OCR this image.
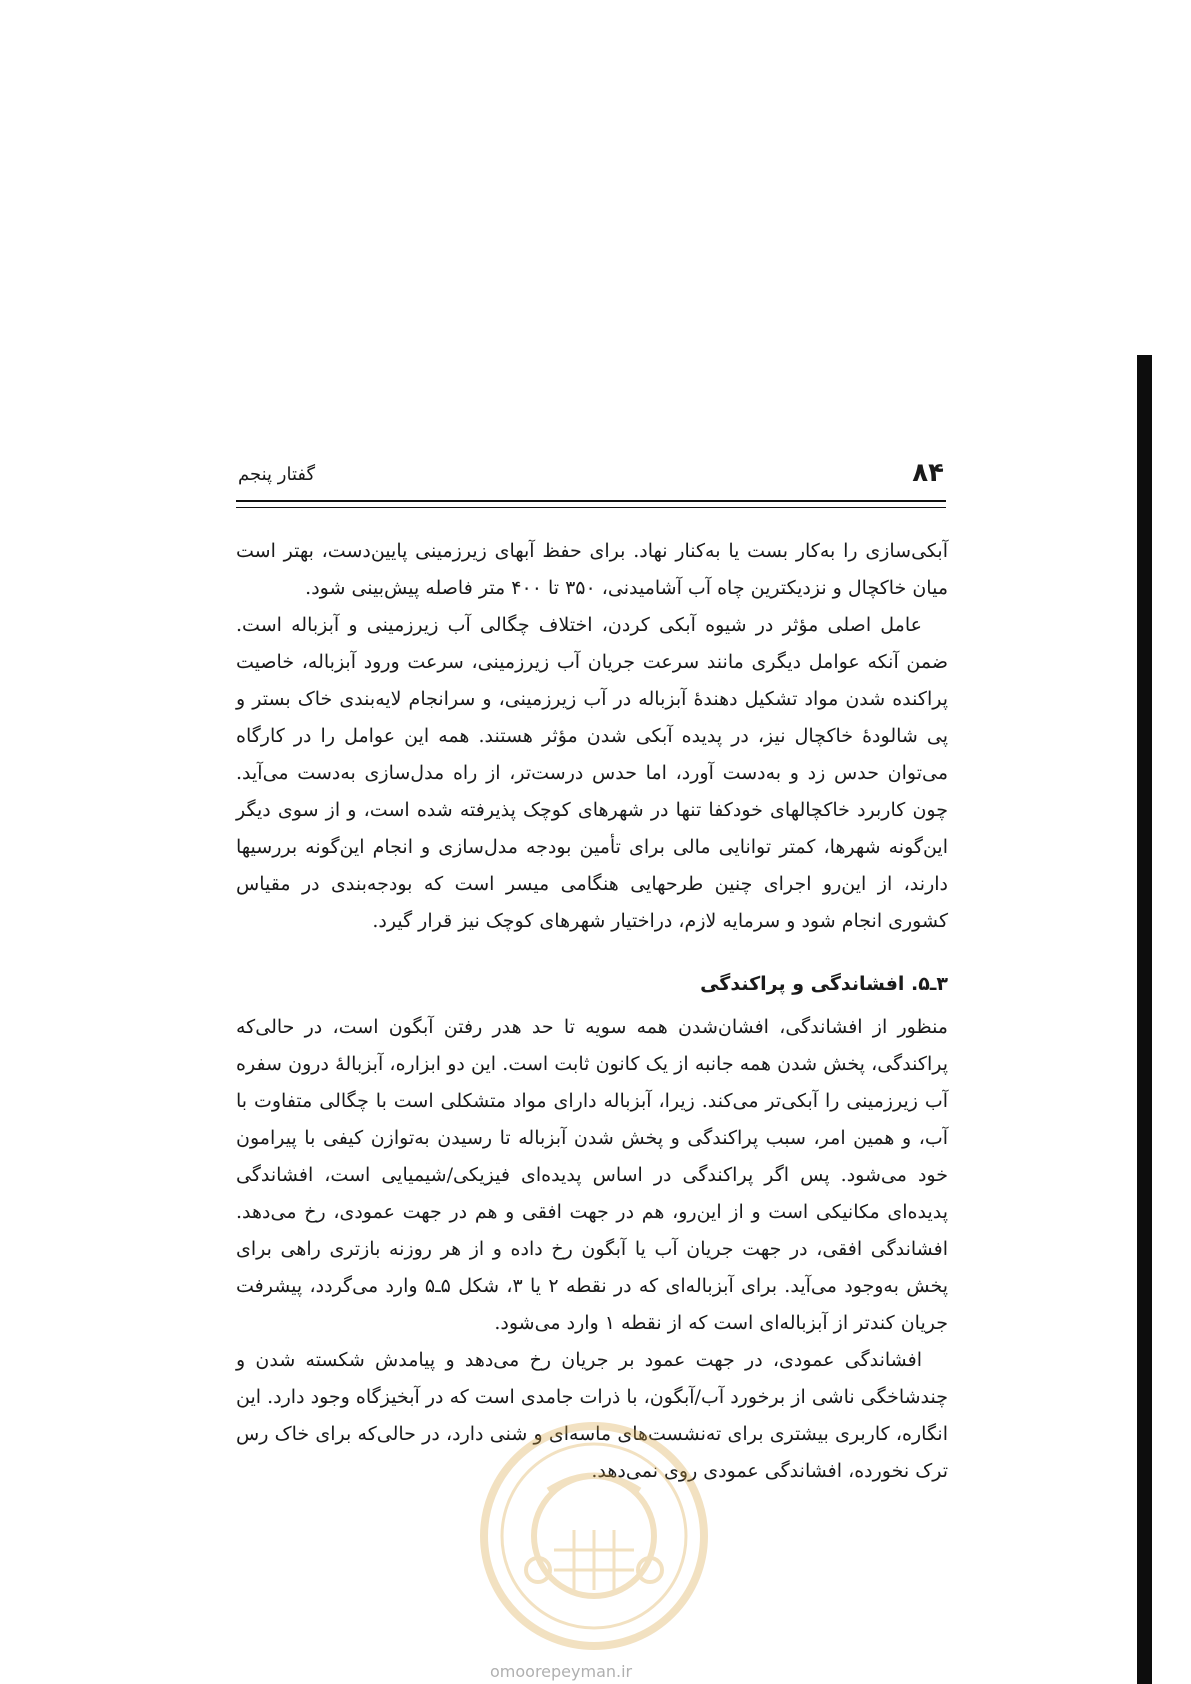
۸۴
گفتار پنجم

آبکی‌سازی را به‌کار بست یا به‌کنار نهاد. برای حفظ آبهای زیرزمینی پایین‌دست، بهتر است میان خاکچال و نزدیکترین چاه آب آشامیدنی، ۳۵۰ تا ۴۰۰ متر فاصله پیش‌بینی شود.

عامل اصلی مؤثر در شیوه آبکی کردن، اختلاف چگالی آب زیرزمینی و آبزباله است. ضمن آنکه عوامل دیگری مانند سرعت جریان آب زیرزمینی، سرعت ورود آبزباله، خاصیت پراکنده شدن مواد تشکیل دهندهٔ آبزباله در آب زیرزمینی، و سرانجام لایه‌بندی خاک بستر و پی شالودهٔ خاکچال نیز، در پدیده آبکی شدن مؤثر هستند. همه این عوامل را در کارگاه می‌توان حدس زد و به‌دست آورد، اما حدس درست‌تر، از راه مدل‌سازی به‌دست می‌آید. چون کاربرد خاکچالهای خودکفا تنها در شهرهای کوچک پذیرفته شده است، و از سوی دیگر این‌گونه شهرها، کمتر توانایی مالی برای تأمین بودجه مدل‌سازی و انجام این‌گونه بررسیها دارند، از این‌رو اجرای چنین طرحهایی هنگامی میسر است که بودجه‌بندی در مقیاس کشوری انجام شود و سرمایه لازم، دراختیار شهرهای کوچک نیز قرار گیرد.

۳ـ۵. افشاندگی و پراکندگی

منظور از افشاندگی، افشان‌شدن همه سویه تا حد هدر رفتن آبگون است، در حالی‌که پراکندگی، پخش شدن همه جانبه از یک کانون ثابت است. این دو ابزاره، آبزبالهٔ درون سفره آب زیرزمینی را آبکی‌تر می‌کند. زیرا، آبزباله دارای مواد متشکلی است با چگالی متفاوت با آب، و همین امر، سبب پراکندگی و پخش شدن آبزباله تا رسیدن به‌توازن کیفی با پیرامون خود می‌شود. پس اگر پراکندگی در اساس پدیده‌ای فیزیکی/شیمیایی است، افشاندگی پدیده‌ای مکانیکی است و از این‌رو، هم در جهت افقی و هم در جهت عمودی، رخ می‌دهد. افشاندگی افقی، در جهت جریان آب یا آبگون رخ داده و از هر روزنه بازتری راهی برای پخش به‌وجود می‌آید. برای آبزباله‌ای که در نقطه ۲ یا ۳، شکل ۵ـ۵ وارد می‌گردد، پیشرفت جریان کندتر از آبزباله‌ای است که از نقطه ۱ وارد می‌شود.

افشاندگی عمودی، در جهت عمود بر جریان رخ می‌دهد و پیامدش شکسته شدن و چندشاخگی ناشی از برخورد آب/آبگون، با ذرات جامدی است که در آبخیزگاه وجود دارد. این انگاره، کاربری بیشتری برای ته‌نشست‌های ماسه‌ای و شنی دارد، در حالی‌که برای خاک رس ترک نخورده، افشاندگی عمودی روی نمی‌دهد.

omoorepeyman.ir
